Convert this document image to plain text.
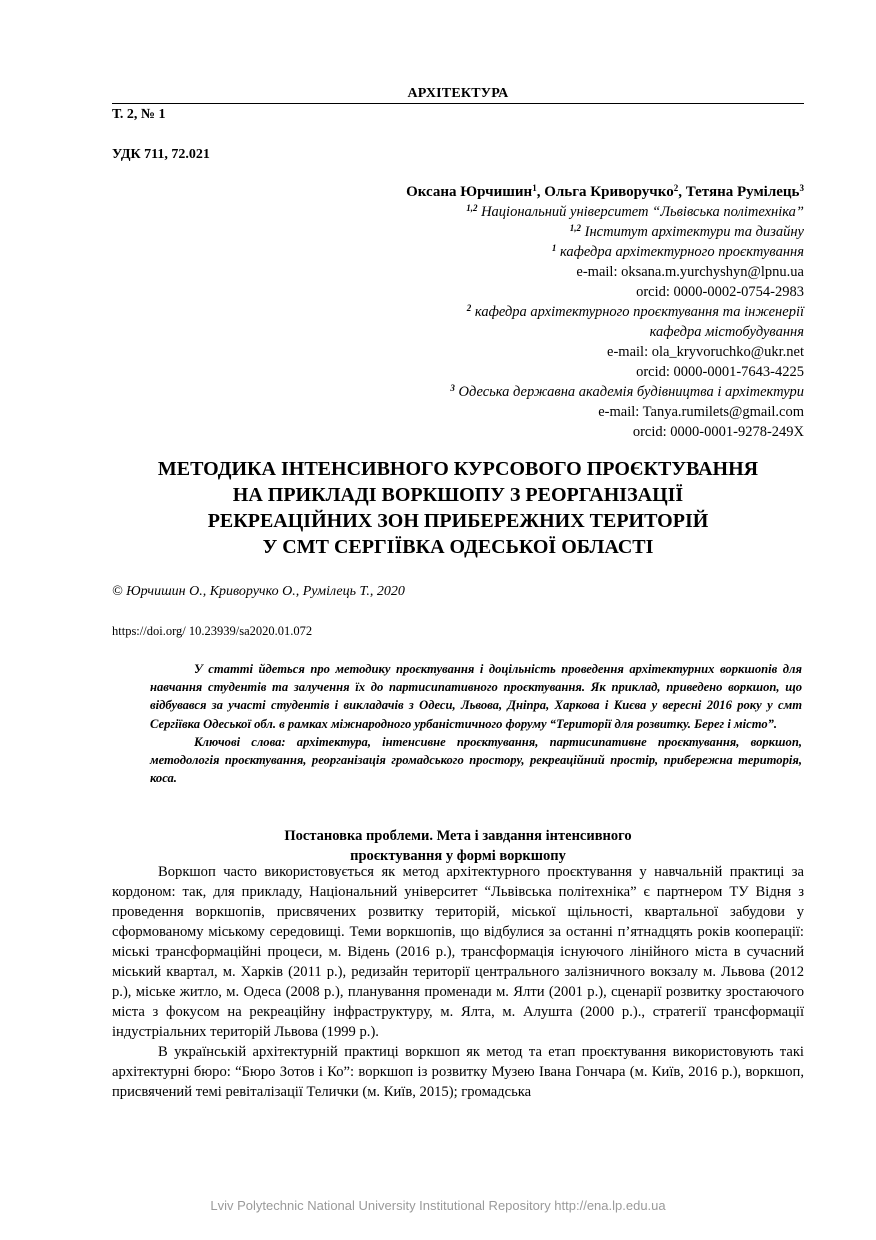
АРХІТЕКТУРА
Т. 2, № 1
УДК 711, 72.021
Оксана Юрчишин$^1$, Ольга Криворучко$^2$, Тетяна Румілець$^3$
$^{1,2}$ Національний університет “Львівська політехніка”
$^{1,2}$ Інститут архітектури та дизайну
$^1$ кафедра архітектурного проєктування
e-mail: oksana.m.yurchyshyn@lpnu.ua
orcid: 0000-0002-0754-2983
$^2$ кафедра архітектурного проєктування та інженерії
кафедра містобудування
e-mail: ola_kryvoruchko@ukr.net
orcid: 0000-0001-7643-4225
$^3$ Одеська державна академія будівництва і архітектури
e-mail: Tanya.rumilets@gmail.com
orcid: 0000-0001-9278-249X
МЕТОДИКА ІНТЕНСИВНОГО КУРСОВОГО ПРОЄКТУВАННЯ
НА ПРИКЛАДІ ВОРКШОПУ З РЕОРГАНІЗАЦІЇ
РЕКРЕАЦІЙНИХ ЗОН ПРИБЕРЕЖНИХ ТЕРИТОРІЙ
У СМТ СЕРГІЇВКА ОДЕСЬКОЇ ОБЛАСТІ
© Юрчишин О., Криворучко О., Румілець Т., 2020
https://doi.org/ 10.23939/sa2020.01.072

У статті йдеться про методику проєктування і доцільність проведення архітектурних воркшопів для навчання студентів та залучення їх до партисипативного проєктування. Як приклад, приведено воркшоп, що відбувався за участі студентів і викладачів з Одеси, Львова, Дніпра, Харкова і Києва у вересні 2016 року у смт Сергіївка Одеської обл. в рамках міжнародного урбаністичного форуму “Території для розвитку. Берег і місто”.

Ключові слова: архітектура, інтенсивне проєктування, партисипативне проєктування, воркшоп, методологія проєктування, реорганізація громадського простору, рекреаційний простір, прибережна територія, коса.

Постановка проблеми. Мета і завдання інтенсивного
проєктування у формі воркшопу

Воркшоп часто використовується як метод архітектурного проєктування у навчальній практиці за кордоном: так, для прикладу, Національний університет “Львівська політехніка” є партнером ТУ Відня з проведення воркшопів, присвячених розвитку територій, міської щільності, квартальної забудови у сформованому міському середовищі. Теми воркшопів, що відбулися за останні п’ятнадцять років кооперації: міські трансформаційні процеси, м. Відень (2016 р.), трансформація існуючого лінійного міста в сучасний міський квартал, м. Харків (2011 р.), редизайн території центрального залізничного вокзалу м. Львова (2012 р.), міське житло, м. Одеса (2008 р.), планування променади м. Ялти (2001 р.), сценарії розвитку зростаючого міста з фокусом на рекреаційну інфраструктуру, м. Ялта, м. Алушта (2000 р.)., стратегії трансформації індустріальних територій Львова (1999 р.).

В українській архітектурній практиці воркшоп як метод та етап проєктування використовують такі архітектурні бюро: “Бюро Зотов і Ко”: воркшоп із розвитку Музею Івана Гончара (м. Київ, 2016 р.), воркшоп, присвячений темі ревіталізації Телички (м. Київ, 2015); громадська

Lviv Polytechnic National University Institutional Repository http://ena.lp.edu.ua
